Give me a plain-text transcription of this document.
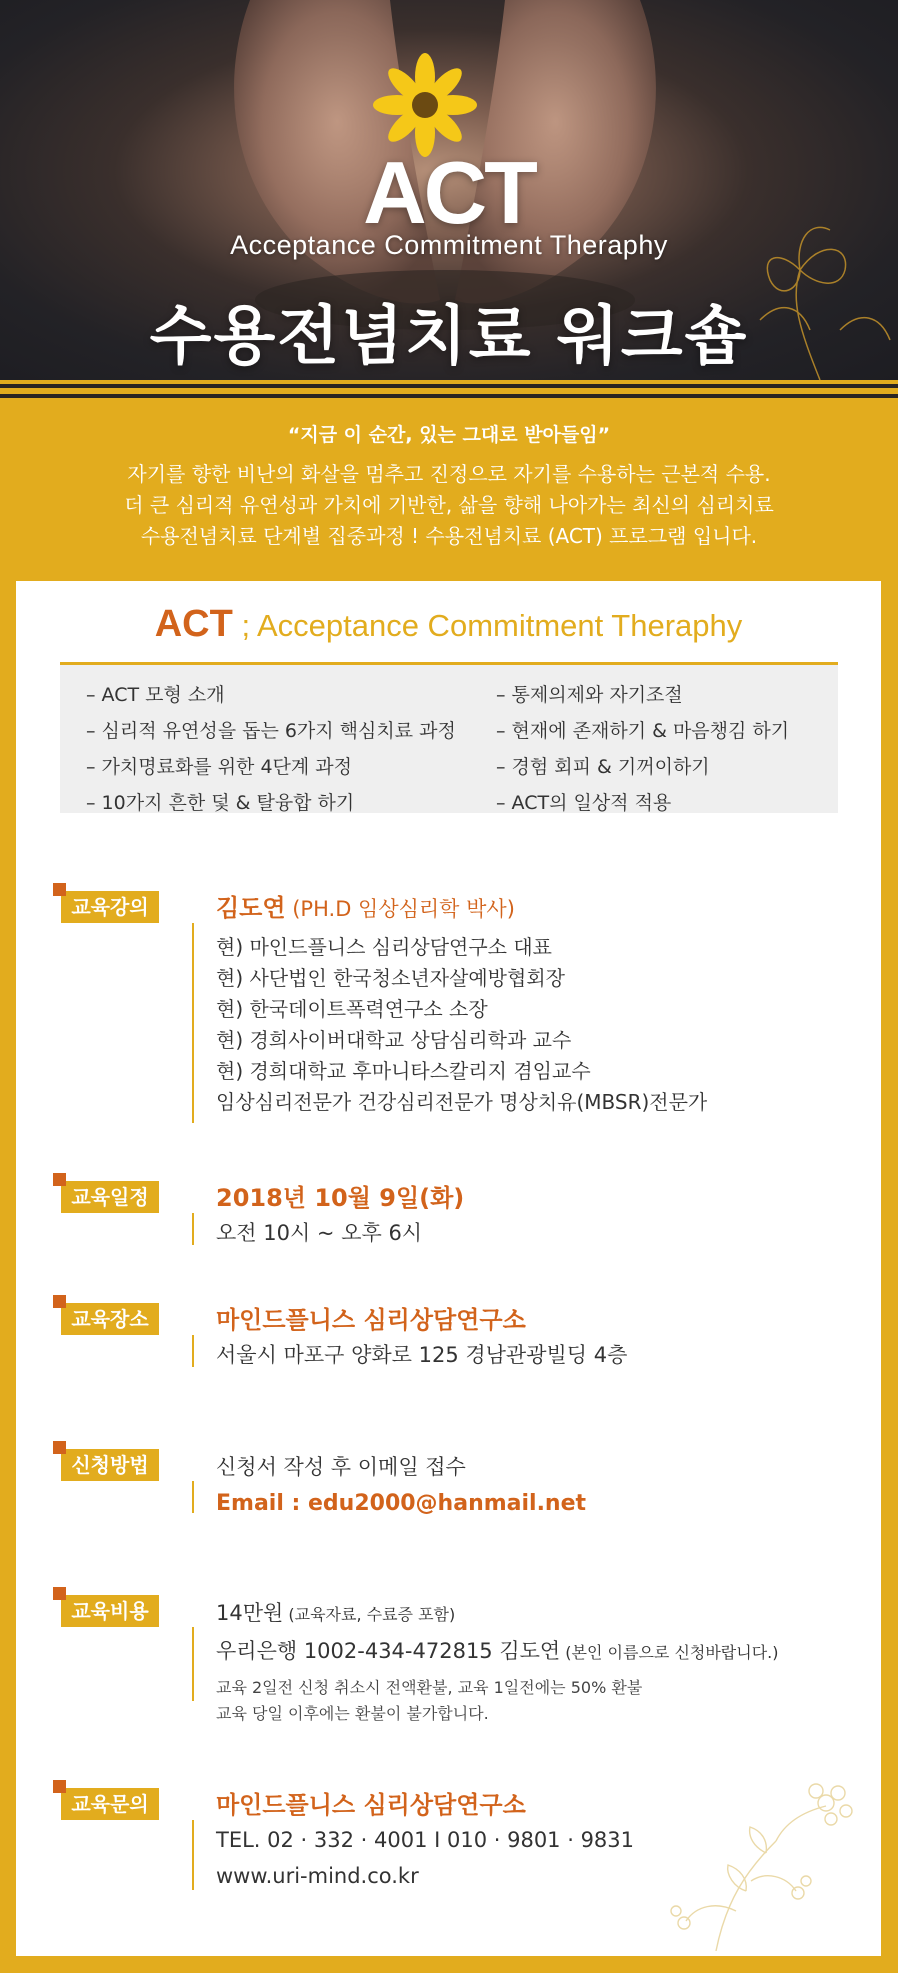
ACT
Acceptance Commitment Theraphy
수용전념치료 워크숍
“지금 이 순간, 있는 그대로 받아들임”

자기를 향한 비난의 화살을 멈추고 진정으로 자기를 수용하는 근본적 수용.

더 큰 심리적 유연성과 가치에 기반한, 삶을 향해 나아가는 최신의 심리치료

수용전념치료 단계별 집중과정 ! 수용전념치료 (ACT) 프로그램 입니다.

ACT ; Acceptance Commitment Theraphy
– ACT 모형 소개
– 심리적 유연성을 돕는 6가지 핵심치료 과정
– 가치명료화를 위한 4단계 과정
– 10가지 흔한 덫 & 탈융합 하기
– 통제의제와 자기조절
– 현재에 존재하기 & 마음챙김 하기
– 경험 회피 & 기꺼이하기
– ACT의 일상적 적용
교육강의	김도연 (PH.D 임상심리학 박사)
현) 마인드플니스 심리상담연구소 대표
현) 사단법인 한국청소년자살예방협회장
현) 한국데이트폭력연구소 소장
현) 경희사이버대학교 상담심리학과 교수
현) 경희대학교 후마니타스칼리지 겸임교수
임상심리전문가 건강심리전문가 명상치유(MBSR)전문가
교육일정	2018년 10월 9일(화)
오전 10시 ~ 오후 6시
교육장소	마인드플니스 심리상담연구소
서울시 마포구 양화로 125 경남관광빌딩 4층
신청방법	신청서 작성 후 이메일 접수
Email : edu2000@hanmail.net
교육비용	14만원 (교육자료, 수료증 포함)
우리은행 1002-434-472815 김도연 (본인 이름으로 신청바랍니다.)
교육 2일전 신청 취소시 전액환불, 교육 1일전에는 50% 환불
교육 당일 이후에는 환불이 불가합니다.
교육문의	마인드플니스 심리상담연구소
TEL. 02 · 332 · 4001 I 010 · 9801 · 9831
www.uri-mind.co.kr
